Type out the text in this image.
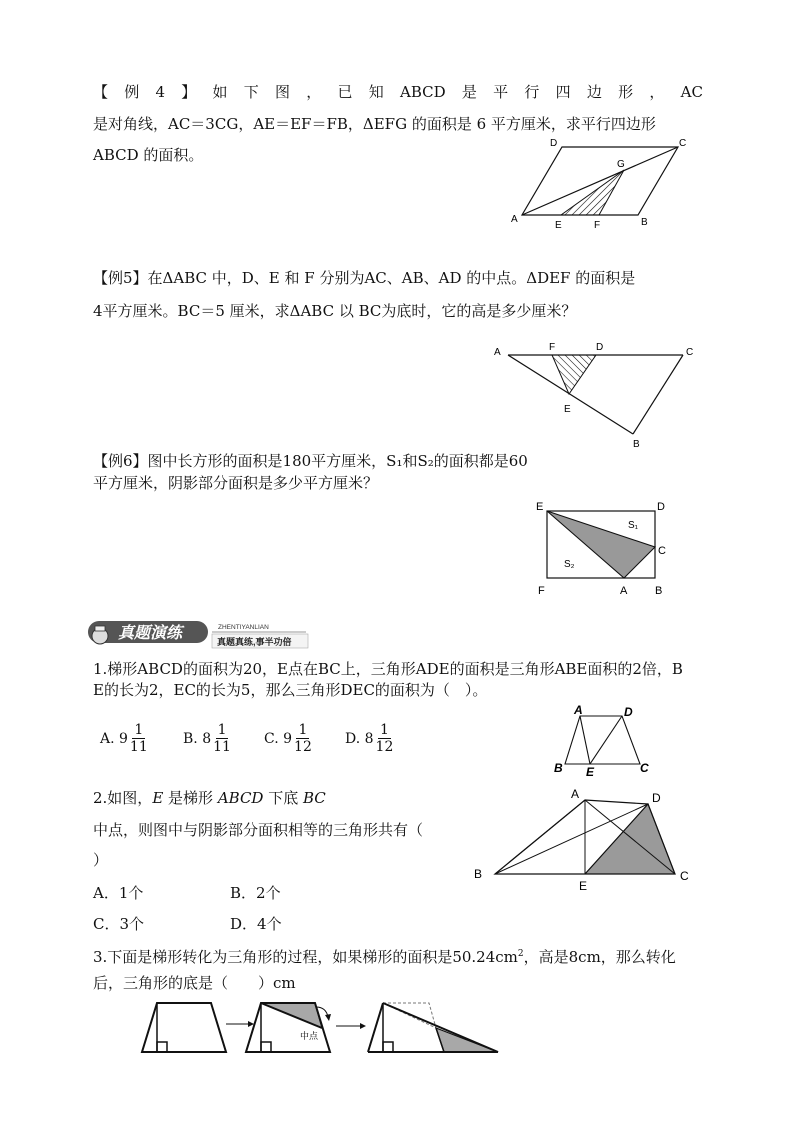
【 例 4 】 如 下 图 ， 已 知 ABCD 是 平 行 四 边 形 ， AC
是对角线，AC＝3CG，AE＝EF＝FB，ΔEFG 的面积是 6 平方厘米，求平行四边形
ABCD 的面积。
D	C
G
A	B
E	F
【例5】在ΔABC 中，D、E 和 F 分别为AC、AB、AD 的中点。ΔDEF 的面积是
4平方厘米。BC＝5 厘米，求ΔABC 以 BC为底时，它的高是多少厘米？
A	F	D	C
E
B
【例6】图中长方形的面积是180平方厘米，S₁和S₂的面积都是60
平方厘米，阴影部分面积是多少平方厘米？
E	D
S₁
C
S₂
F	A	B
真题演练	ZHENTIYANLIAN
真题真练,事半功倍
1.梯形ABCD的面积为20，E点在BC上，三角形ADE的面积是三角形ABE面积的2倍，B
E的长为2，EC的长为5，那么三角形DEC的面积为（　）。
A. $9 \frac{1}{11}$	B. $8 \frac{1}{11} C$. $9 \frac{1}{12} D$. $8 \frac{1}{12}$
A	D
B E	C
2.如图，E 是梯形 ABCD 下底 BC
中点，则图中与阴影部分面积相等的三角形共有（
）
A．1个	B．2个
C．3个	D．4个
A	D
B
E
C
3.下面是梯形转化为三角形的过程，如果梯形的面积是$50.24cm^2$，高是8cm，那么转化
后，三角形的底是（　　）cm
中点
